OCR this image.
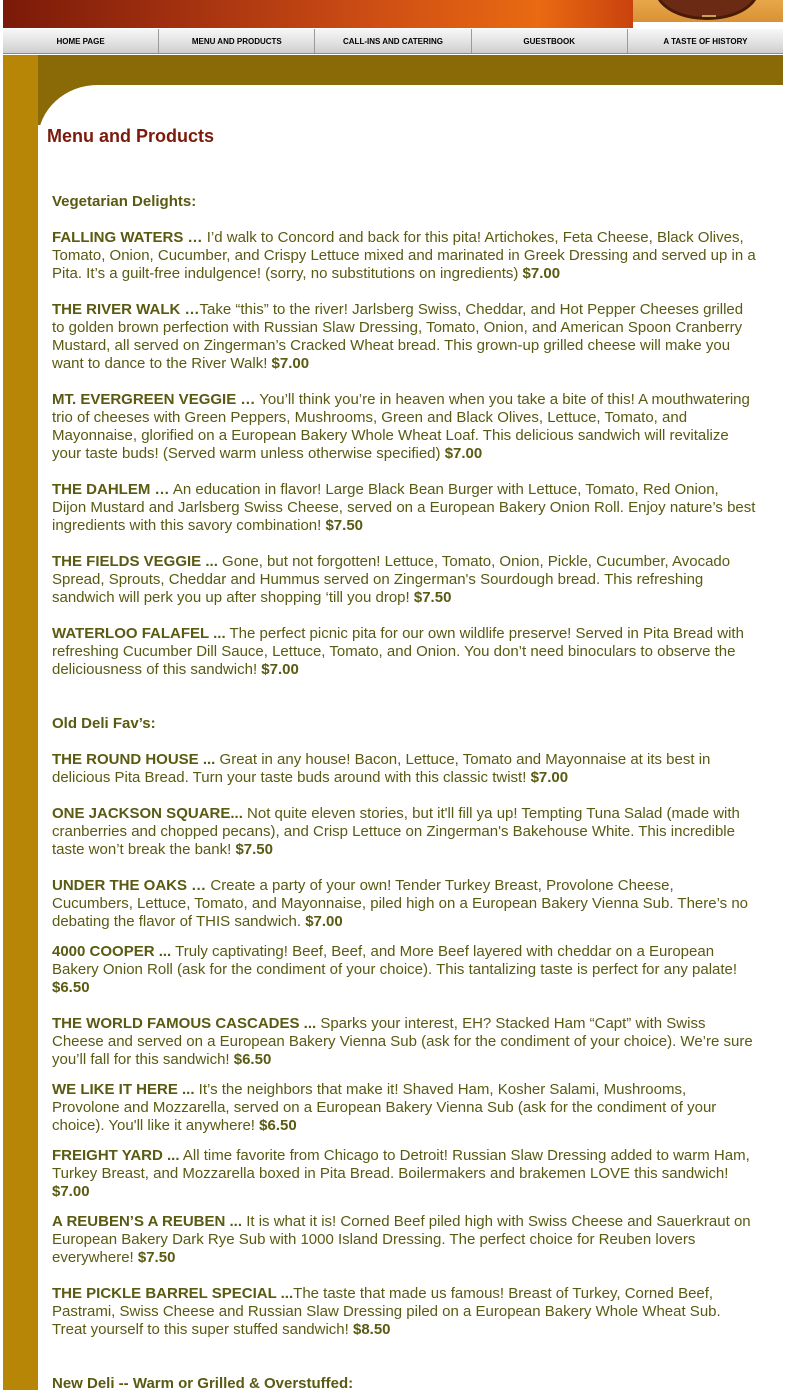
HOME PAGE	MENU AND PRODUCTS	CALL-INS AND CATERING	GUESTBOOK	A TASTE OF HISTORY
Menu and Products

Vegetarian Delights:

FALLING WATERS … I’d walk to Concord and back for this pita! Artichokes, Feta Cheese, Black Olives, Tomato, Onion, Cucumber, and Crispy Lettuce mixed and marinated in Greek Dressing and served up in a Pita. It’s a guilt-free indulgence! (sorry, no substitutions on ingredients) $7.00

THE RIVER WALK …Take “this” to the river! Jarlsberg Swiss, Cheddar, and Hot Pepper Cheeses grilled to golden brown perfection with Russian Slaw Dressing, Tomato, Onion, and American Spoon Cranberry Mustard, all served on Zingerman’s Cracked Wheat bread. This grown-up grilled cheese will make you want to dance to the River Walk! $7.00

MT. EVERGREEN VEGGIE … You’ll think you’re in heaven when you take a bite of this! A mouthwatering trio of cheeses with Green Peppers, Mushrooms, Green and Black Olives, Lettuce, Tomato, and Mayonnaise, glorified on a European Bakery Whole Wheat Loaf. This delicious sandwich will revitalize your taste buds! (Served warm unless otherwise specified) $7.00

THE DAHLEM … An education in flavor! Large Black Bean Burger with Lettuce, Tomato, Red Onion, Dijon Mustard and Jarlsberg Swiss Cheese, served on a European Bakery Onion Roll. Enjoy nature’s best ingredients with this savory combination! $7.50

THE FIELDS VEGGIE ... Gone, but not forgotten! Lettuce, Tomato, Onion, Pickle, Cucumber, Avocado Spread, Sprouts, Cheddar and Hummus served on Zingerman's Sourdough bread. This refreshing sandwich will perk you up after shopping ‘till you drop! $7.50

WATERLOO FALAFEL ... The perfect picnic pita for our own wildlife preserve! Served in Pita Bread with refreshing Cucumber Dill Sauce, Lettuce, Tomato, and Onion. You don’t need binoculars to observe the deliciousness of this sandwich! $7.00

Old Deli Fav’s:

THE ROUND HOUSE ... Great in any house! Bacon, Lettuce, Tomato and Mayonnaise at its best in delicious Pita Bread. Turn your taste buds around with this classic twist! $7.00

ONE JACKSON SQUARE... Not quite eleven stories, but it'll fill ya up! Tempting Tuna Salad (made with cranberries and chopped pecans), and Crisp Lettuce on Zingerman's Bakehouse White. This incredible taste won’t break the bank! $7.50

UNDER THE OAKS … Create a party of your own! Tender Turkey Breast, Provolone Cheese, Cucumbers, Lettuce, Tomato, and Mayonnaise, piled high on a European Bakery Vienna Sub. There’s no debating the flavor of THIS sandwich. $7.00

4000 COOPER ... Truly captivating! Beef, Beef, and More Beef layered with cheddar on a European Bakery Onion Roll (ask for the condiment of your choice). This tantalizing taste is perfect for any palate! $6.50

THE WORLD FAMOUS CASCADES ... Sparks your interest, EH? Stacked Ham “Capt” with Swiss Cheese and served on a European Bakery Vienna Sub (ask for the condiment of your choice). We’re sure you’ll fall for this sandwich! $6.50

WE LIKE IT HERE ... It’s the neighbors that make it! Shaved Ham, Kosher Salami, Mushrooms, Provolone and Mozzarella, served on a European Bakery Vienna Sub (ask for the condiment of your choice). You'll like it anywhere! $6.50

FREIGHT YARD ... All time favorite from Chicago to Detroit! Russian Slaw Dressing added to warm Ham, Turkey Breast, and Mozzarella boxed in Pita Bread. Boilermakers and brakemen LOVE this sandwich! $7.00

A REUBEN’S A REUBEN ... It is what it is! Corned Beef piled high with Swiss Cheese and Sauerkraut on European Bakery Dark Rye Sub with 1000 Island Dressing. The perfect choice for Reuben lovers everywhere! $7.50

THE PICKLE BARREL SPECIAL ...The taste that made us famous! Breast of Turkey, Corned Beef, Pastrami, Swiss Cheese and Russian Slaw Dressing piled on a European Bakery Whole Wheat Sub. Treat yourself to this super stuffed sandwich! $8.50

New Deli -- Warm or Grilled & Overstuffed:
